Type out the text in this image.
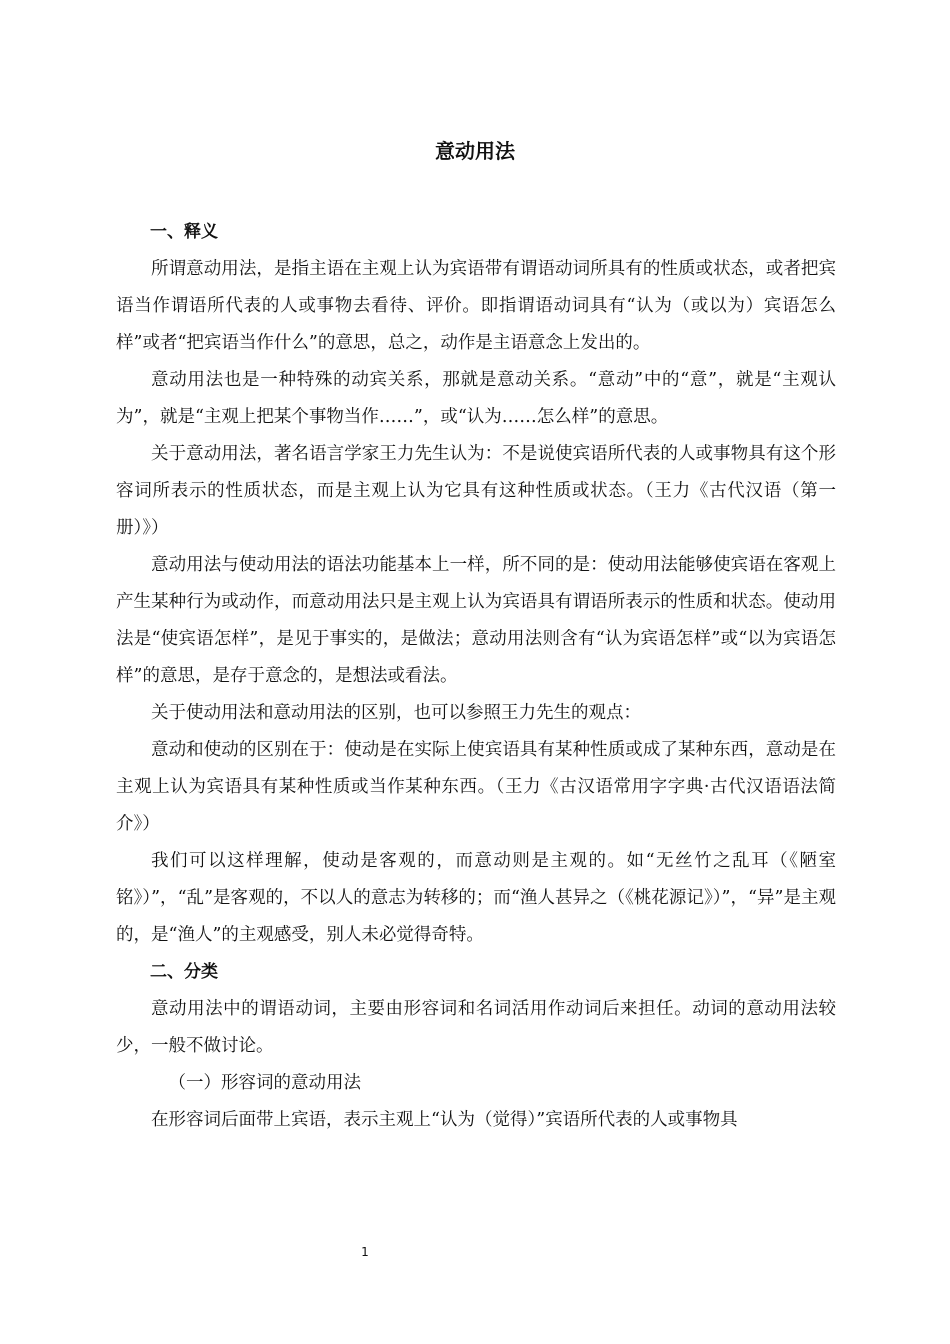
意动用法
一、释义

所谓意动用法，是指主语在主观上认为宾语带有谓语动词所具有的性质或状态，或者把宾语当作谓语所代表的人或事物去看待、评价。即指谓语动词具有“认为（或以为）宾语怎么样”或者“把宾语当作什么”的意思，总之，动作是主语意念上发出的。

意动用法也是一种特殊的动宾关系，那就是意动关系。“意动”中的“意”，就是“主观认为”，就是“主观上把某个事物当作……”，或“认为……怎么样”的意思。

关于意动用法，著名语言学家王力先生认为：不是说使宾语所代表的人或事物具有这个形容词所表示的性质状态，而是主观上认为它具有这种性质或状态。（王力《古代汉语（第一册）》）

意动用法与使动用法的语法功能基本上一样，所不同的是：使动用法能够使宾语在客观上产生某种行为或动作，而意动用法只是主观上认为宾语具有谓语所表示的性质和状态。使动用法是“使宾语怎样”，是见于事实的，是做法；意动用法则含有“认为宾语怎样”或“以为宾语怎样”的意思，是存于意念的，是想法或看法。

关于使动用法和意动用法的区别，也可以参照王力先生的观点：

意动和使动的区别在于：使动是在实际上使宾语具有某种性质或成了某种东西，意动是在主观上认为宾语具有某种性质或当作某种东西。（王力《古汉语常用字字典·古代汉语语法简介》）

我们可以这样理解，使动是客观的，而意动则是主观的。如“无丝竹之乱耳（《陋室铭》）”，“乱”是客观的，不以人的意志为转移的；而“渔人甚异之（《桃花源记》）”，“异”是主观的，是“渔人”的主观感受，别人未必觉得奇特。

二、分类

意动用法中的谓语动词，主要由形容词和名词活用作动词后来担任。动词的意动用法较少，一般不做讨论。

（一）形容词的意动用法

在形容词后面带上宾语，表示主观上“认为（觉得）”宾语所代表的人或事物具

1
